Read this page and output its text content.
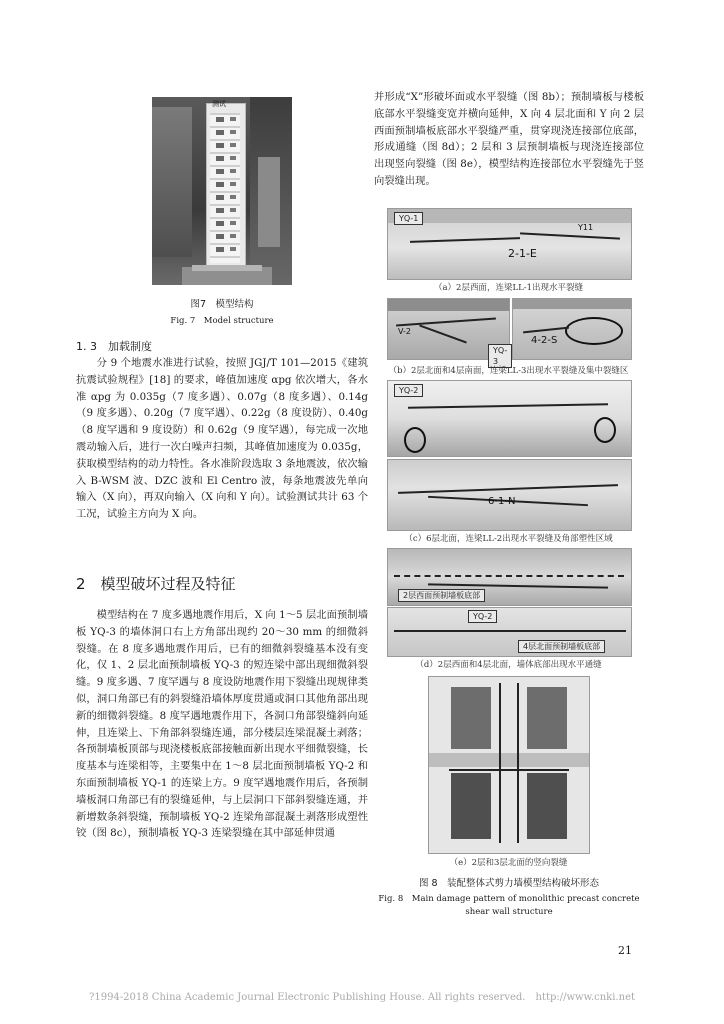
测试
图7　模型结构
Fig. 7　Model structure
1. 3　加载制度

分 9 个地震水准进行试验，按照 JGJ/T 101—2015《建筑抗震试验规程》[18] 的要求，峰值加速度 αpg 依次增大，各水准 αpg 为 0.035g（7 度多遇）、0.07g（8 度多遇）、0.14g（9 度多遇）、0.20g（7 度罕遇）、0.22g（8 度设防）、0.40g（8 度罕遇和 9 度设防）和 0.62g（9 度罕遇），每完成一次地震动输入后，进行一次白噪声扫频，其峰值加速度为 0.035g，获取模型结构的动力特性。各水准阶段选取 3 条地震波，依次输入 B-WSM 波、DZC 波和 El Centro 波，每条地震波先单向输入（X 向），再双向输入（X 向和 Y 向）。试验测试共计 63 个工况，试验主方向为 X 向。

2　模型破坏过程及特征

模型结构在 7 度多遇地震作用后，X 向 1～5 层北面预制墙板 YQ-3 的墙体洞口右上方角部出现约 20～30 mm 的细微斜裂缝。在 8 度多遇地震作用后，已有的细微斜裂缝基本没有变化，仅 1、2 层北面预制墙板 YQ-3 的短连梁中部出现细微斜裂缝。9 度多遇、7 度罕遇与 8 度设防地震作用下裂缝出现规律类似，洞口角部已有的斜裂缝沿墙体厚度贯通或洞口其他角部出现新的细微斜裂缝。8 度罕遇地震作用下，各洞口角部裂缝斜向延伸，且连梁上、下角部斜裂缝连通，部分楼层连梁混凝土剥落；各预制墙板顶部与现浇楼板底部接触面新出现水平细微裂缝，长度基本与连梁相等，主要集中在 1～8 层北面预制墙板 YQ-2 和东面预制墙板 YQ-1 的连梁上方。9 度罕遇地震作用后，各预制墙板洞口角部已有的裂缝延伸，与上层洞口下部斜裂缝连通，并新增数条斜裂缝，预制墙板 YQ-2 连梁角部混凝土剥落形成塑性铰（图 8c），预制墙板 YQ-3 连梁裂缝在其中部延伸贯通

并形成“X”形破坏面或水平裂缝（图 8b）；预制墙板与楼板底部水平裂缝变宽并横向延伸，X 向 4 层北面和 Y 向 2 层西面预制墙板底部水平裂缝严重，贯穿现浇连接部位底部，形成通缝（图 8d）；2 层和 3 层预制墙板与现浇连接部位出现竖向裂缝（图 8e），模型结构连接部位水平裂缝先于竖向裂缝出现。

YQ-1
2-1-E
Y11
（a）2层西面，连梁LL-1出现水平裂缝
V-2
YQ-3
4-2-S
（b）2层北面和4层南面，连梁LL-3出现水平裂缝及集中裂缝区
YQ-2
6-1-N
（c）6层北面，连梁LL-2出现水平裂缝及角部塑性区域
2层西面预制墙板底部
YQ-2
4层北面预制墙板底部
（d）2层西面和4层北面，墙体底部出现水平通缝
（e）2层和3层北面的竖向裂缝
图 8　装配整体式剪力墙模型结构破坏形态
Fig. 8　Main damage pattern of monolithic precast concrete
shear wall structure
21
?1994-2018 China Academic Journal Electronic Publishing House. All rights reserved.　http://www.cnki.net
